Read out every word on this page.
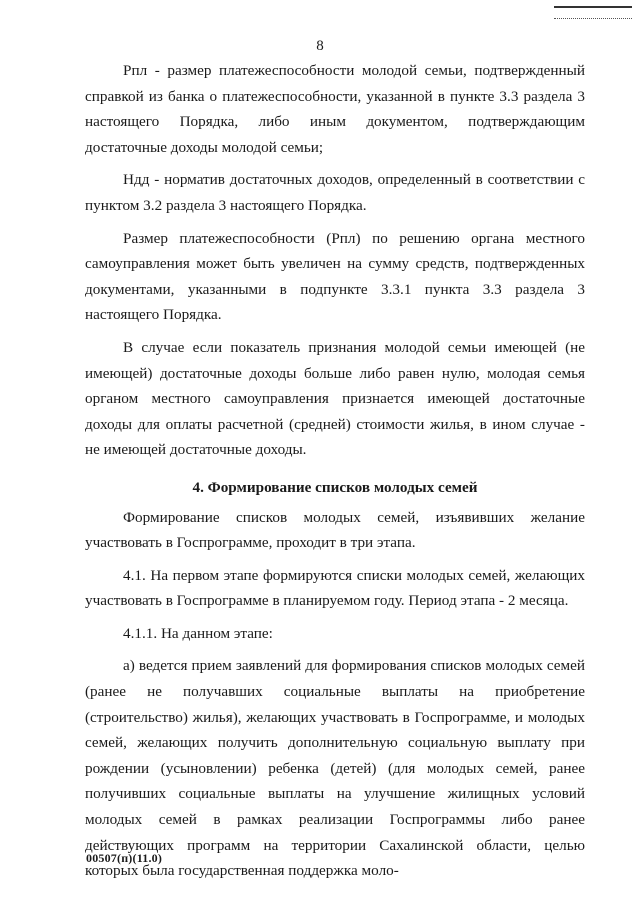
8

Рпл - размер платежеспособности молодой семьи, подтвержденный справкой из банка о платежеспособности, указанной в пункте 3.3 раздела 3 настоящего Порядка, либо иным документом, подтверждающим достаточные доходы молодой семьи;

Ндд - норматив достаточных доходов, определенный в соответствии с пунктом 3.2 раздела 3 настоящего Порядка.

Размер платежеспособности (Рпл) по решению органа местного самоуправления может быть увеличен на сумму средств, подтвержденных документами, указанными в подпункте 3.3.1 пункта 3.3 раздела 3 настоящего Порядка.

В случае если показатель признания молодой семьи имеющей (не имеющей) достаточные доходы больше либо равен нулю, молодая семья органом местного самоуправления признается имеющей достаточные доходы для оплаты расчетной (средней) стоимости жилья, в ином случае - не имеющей достаточные доходы.

4. Формирование списков молодых семей

Формирование списков молодых семей, изъявивших желание участвовать в Госпрограмме, проходит в три этапа.

4.1. На первом этапе формируются списки молодых семей, желающих участвовать в Госпрограмме в планируемом году. Период этапа - 2 месяца.

4.1.1. На данном этапе:

а) ведется прием заявлений для формирования списков молодых семей (ранее не получавших социальные выплаты на приобретение (строительство) жилья), желающих участвовать в Госпрограмме, и молодых семей, желающих получить дополнительную социальную выплату при рождении (усыновлении) ребенка (детей) (для молодых семей, ранее получивших социальные выплаты на улучшение жилищных условий молодых семей в рамках реализации Госпрограммы либо ранее действующих программ на территории Сахалинской области, целью которых была государственная поддержка моло-

00507(п)(11.0)
